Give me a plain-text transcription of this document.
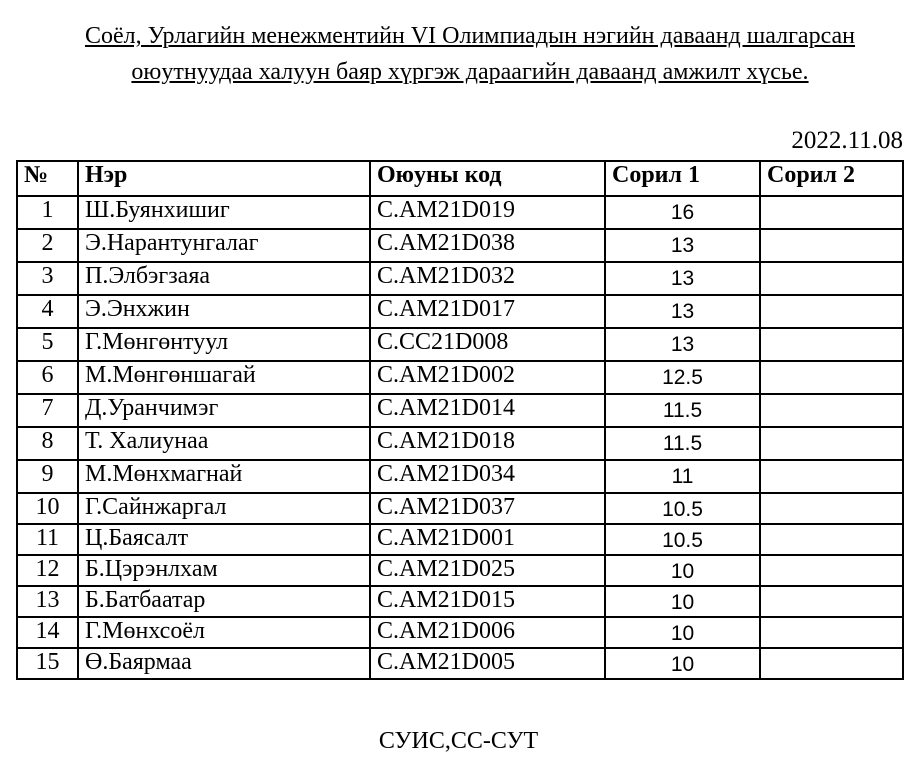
Соёл, Урлагийн менежментийн VI Олимпиадын нэгийн даваанд шалгарсан оюутнуудаа халуун баяр хүргэж дараагийн даваанд амжилт хүсье.
2022.11.08
№	Нэр	Оюуны код	Сорил 1	Сорил 2
1	Ш.Буянхишиг	C.AM21D019	16	
2	Э.Нарантунгалаг	C.AM21D038	13	
3	П.Элбэгзаяа	C.AM21D032	13	
4	Э.Энхжин	C.AM21D017	13	
5	Г.Мөнгөнтуул	C.CC21D008	13	
6	М.Мөнгөншагай	C.AM21D002	12.5	
7	Д.Уранчимэг	C.AM21D014	11.5	
8	Т. Халиунаа	C.AM21D018	11.5	
9	М.Мөнхмагнай	C.AM21D034	11	
10	Г.Сайнжаргал	C.AM21D037	10.5	
11	Ц.Баясалт	C.AM21D001	10.5	
12	Б.Цэрэнлхам	C.AM21D025	10	
13	Б.Батбаатар	C.AM21D015	10	
14	Г.Мөнхсоёл	C.AM21D006	10	
15	Ө.Баярмаа	C.AM21D005	10	
СУИС,СС-СУТ
